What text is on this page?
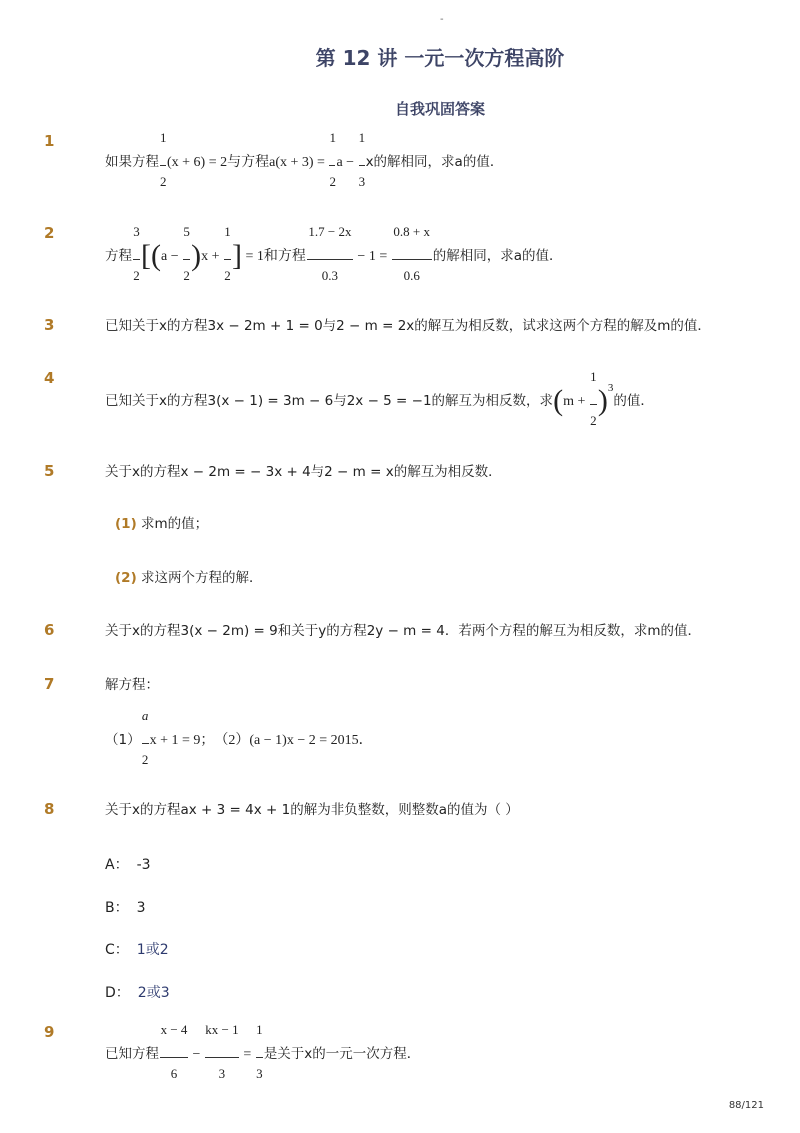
-
第 12 讲 一元一次方程高阶
自我巩固答案
1
如果方程 $\frac{1}{2} (x + 6) = 2$与方程$a(x + 3) = \frac{1}{2}$ $a - \frac{1}{3}$ x的解相同，求a的值．
2
方程 $\frac{3}{2} [(a - \frac{5}{2} )x + \frac{1}{2}$ ] = 1和方程 $\frac{1.7 - 2x}{0.3} - 1 = \frac{0.8 + x}{0.6}$ 的解相同，求a的值．
3	已知关于x的方程3x − 2m + 1 = 0与2 − m = 2x的解互为相反数，试求这两个方程的解及m的值．
4
已知关于x的方程3(x − 1) = 3m − 6与2x − 5 = −1的解互为相反数，求$(m + \frac{1}{2} )^3$的值．
5	关于x的方程x − 2m = − 3x + 4与2 − m = x的解互为相反数．
(1) 求m的值；
(2) 求这两个方程的解．
6	关于x的方程3(x − 2m) = 9和关于y的方程2y − m = 4．若两个方程的解互为相反数，求m的值．
7	解方程：
$(1) \frac{a}{2}$ x + 1 = 9；　（2）(a − 1)x − 2 = 2015．
8	关于x的方程ax + 3 = 4x + 1的解为非负整数，则整数a的值为（ ）
A： -3
B： 3
C： 1或2
D： 2或3
9
已知方程 $\frac{x - 4}{6} - \frac{kx - 1}{3} = \frac{1}{3}$ 是关于x的一元一次方程．
88/121
